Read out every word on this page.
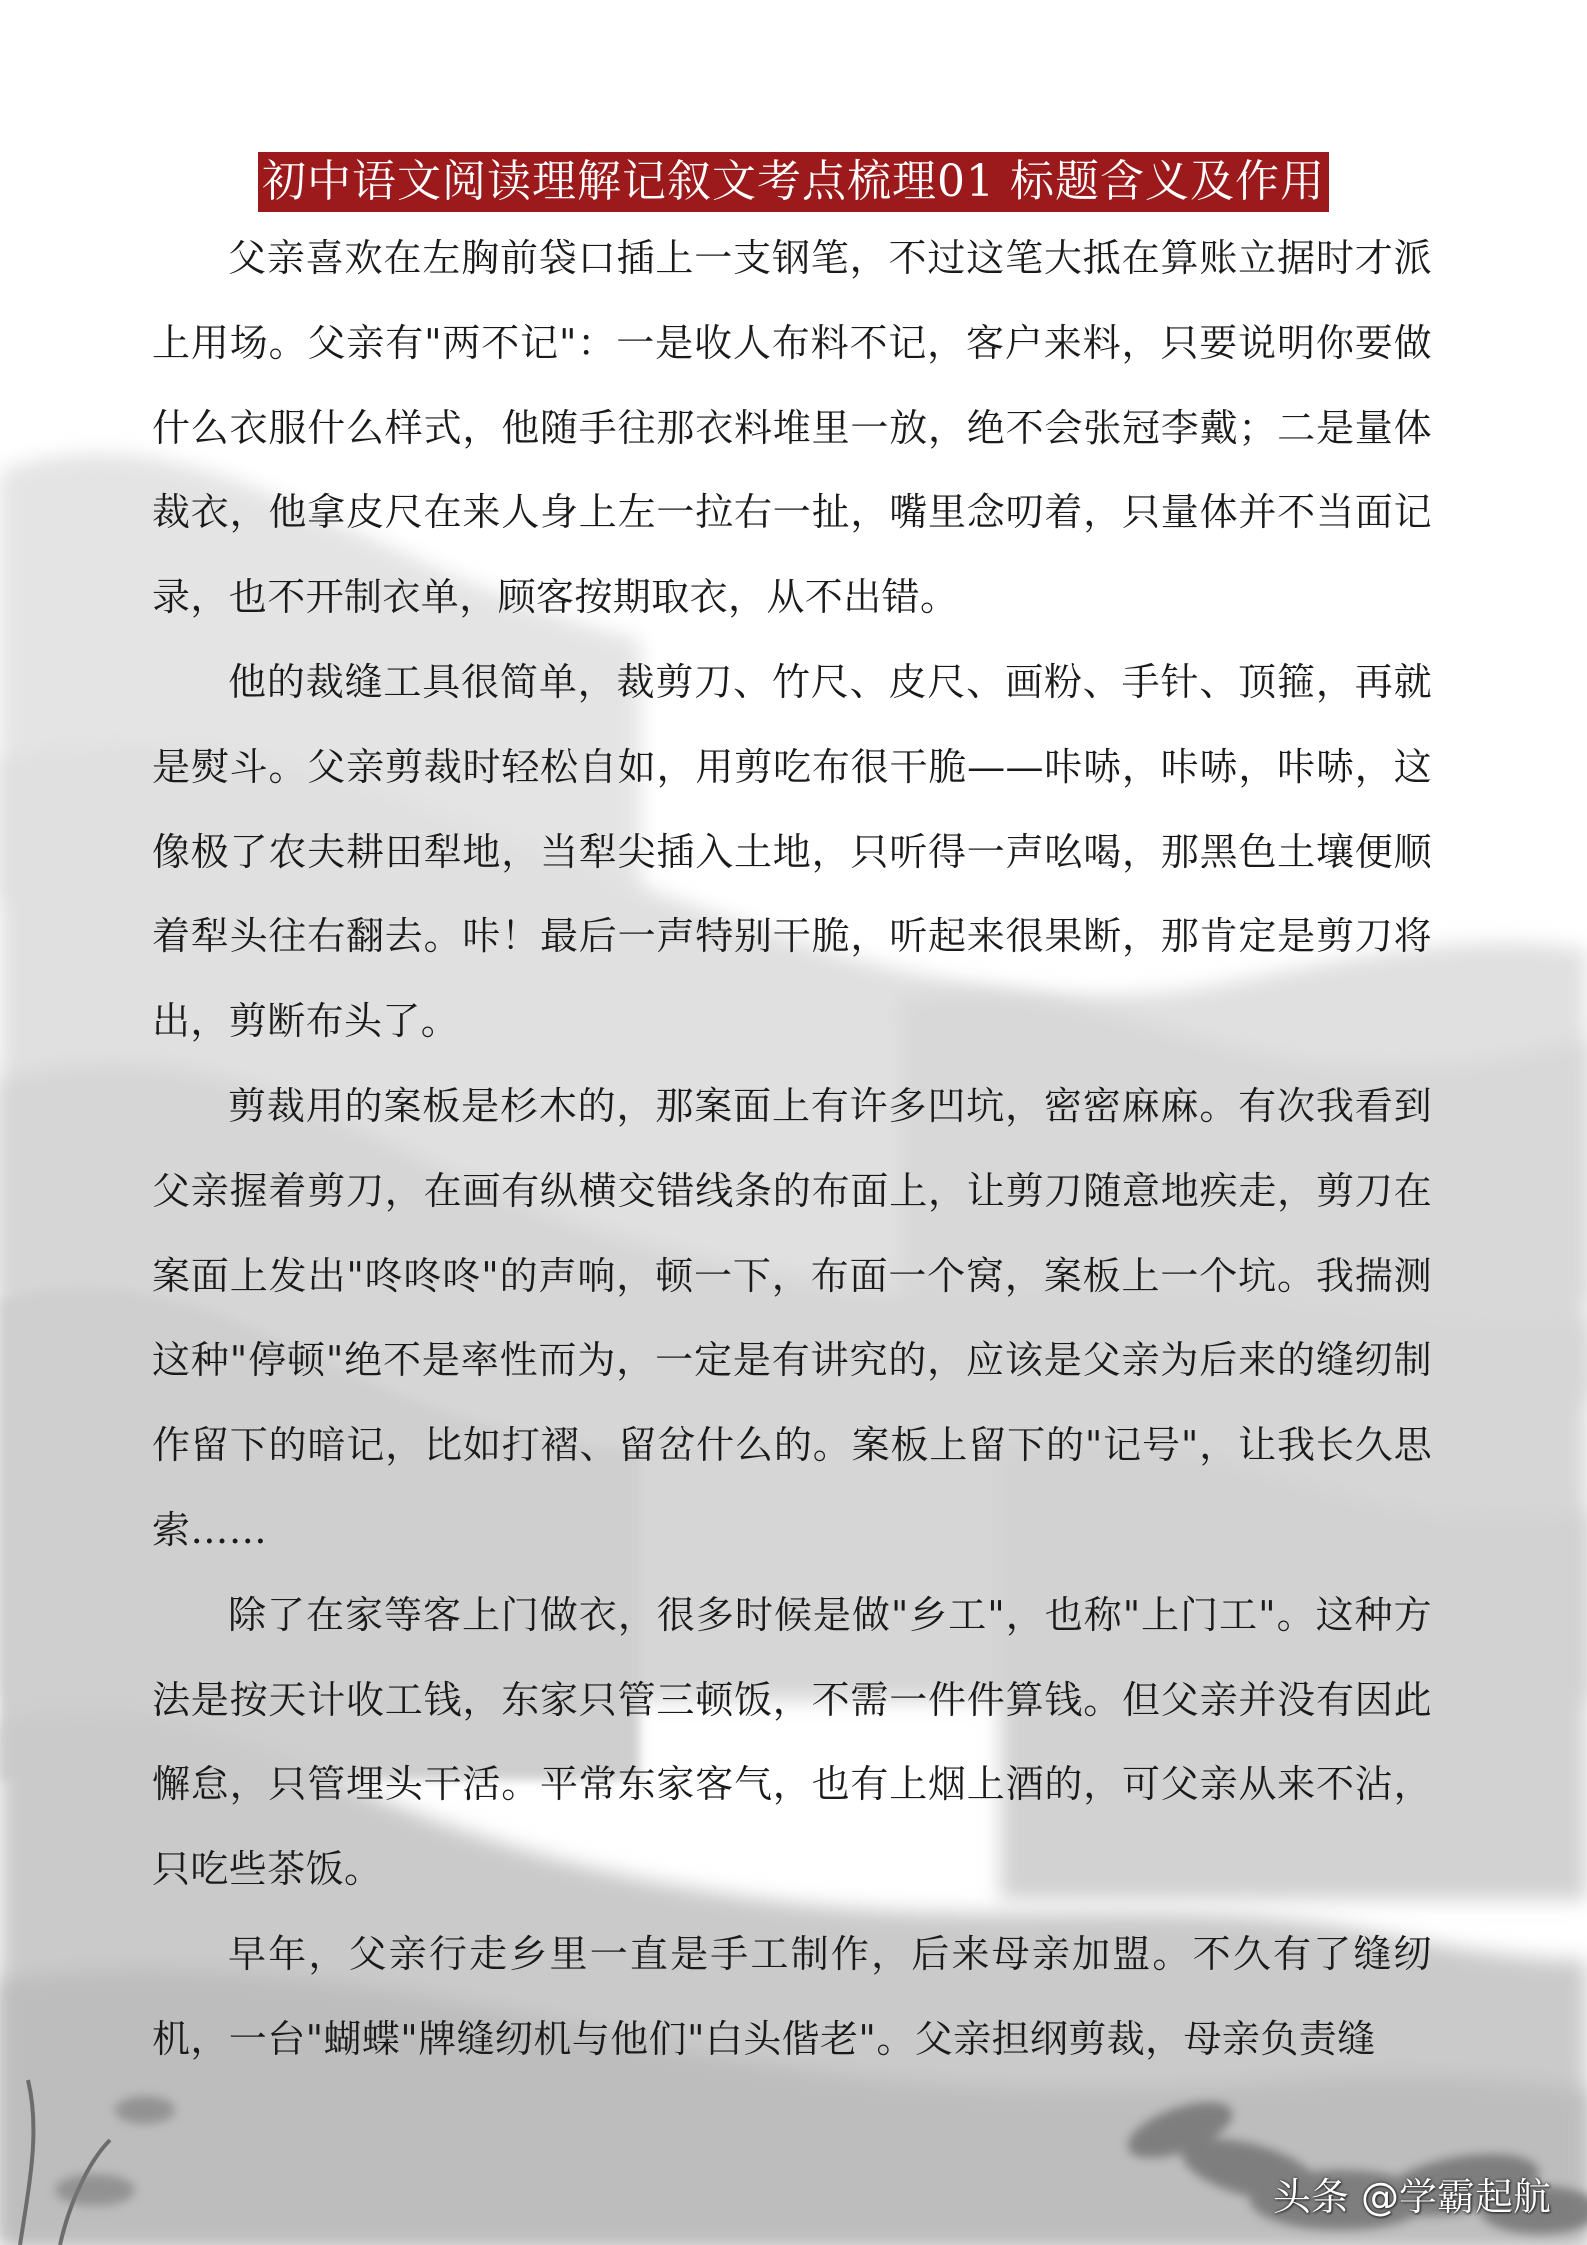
初中语文阅读理解记叙文考点梳理01 标题含义及作用

父亲喜欢在左胸前袋口插上一支钢笔，不过这笔大抵在算账立据时才派上用场。父亲有"两不记"：一是收人布料不记，客户来料，只要说明你要做什么衣服什么样式，他随手往那衣料堆里一放，绝不会张冠李戴；二是量体裁衣，他拿皮尺在来人身上左一拉右一扯，嘴里念叨着，只量体并不当面记录，也不开制衣单，顾客按期取衣，从不出错。

他的裁缝工具很简单，裁剪刀、竹尺、皮尺、画粉、手针、顶箍，再就是熨斗。父亲剪裁时轻松自如，用剪吃布很干脆——咔哧，咔哧，咔哧，这像极了农夫耕田犁地，当犁尖插入土地，只听得一声吆喝，那黑色土壤便顺着犁头往右翻去。咔！最后一声特别干脆，听起来很果断，那肯定是剪刀将出，剪断布头了。

剪裁用的案板是杉木的，那案面上有许多凹坑，密密麻麻。有次我看到父亲握着剪刀，在画有纵横交错线条的布面上，让剪刀随意地疾走，剪刀在案面上发出"咚咚咚"的声响，顿一下，布面一个窝，案板上一个坑。我揣测这种"停顿"绝不是率性而为，一定是有讲究的，应该是父亲为后来的缝纫制作留下的暗记，比如打褶、留岔什么的。案板上留下的"记号"，让我长久思索……

除了在家等客上门做衣，很多时候是做"乡工"，也称"上门工"。这种方法是按天计收工钱，东家只管三顿饭，不需一件件算钱。但父亲并没有因此懈怠，只管埋头干活。平常东家客气，也有上烟上酒的，可父亲从来不沾，只吃些茶饭。

早年，父亲行走乡里一直是手工制作，后来母亲加盟。不久有了缝纫机，一台"蝴蝶"牌缝纫机与他们"白头偕老"。父亲担纲剪裁，母亲负责缝

头条 @学霸起航
